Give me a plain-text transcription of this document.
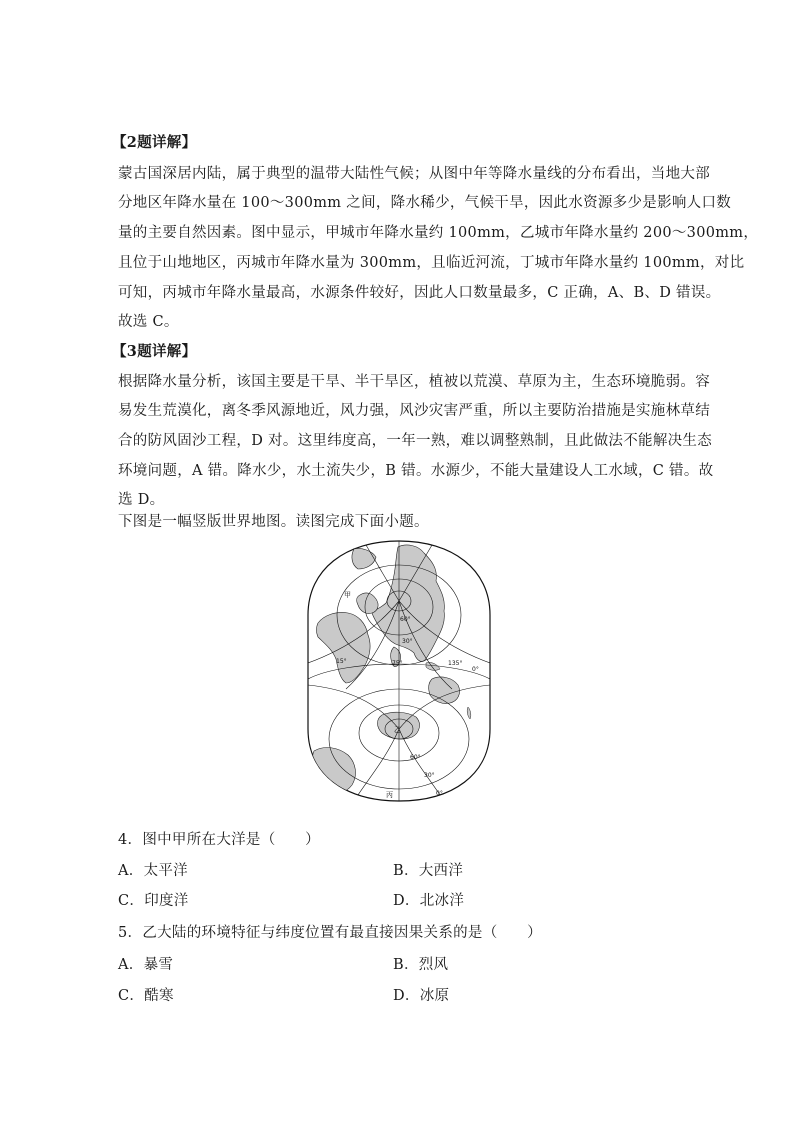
【2题详解】
蒙古国深居内陆，属于典型的温带大陆性气候；从图中年等降水量线的分布看出，当地大部
分地区年降水量在 100～300mm 之间，降水稀少，气候干旱，因此水资源多少是影响人口数
量的主要自然因素。图中显示，甲城市年降水量约 100mm，乙城市年降水量约 200～300mm，
且位于山地地区，丙城市年降水量为 300mm，且临近河流，丁城市年降水量约 100mm，对比
可知，丙城市年降水量最高，水源条件较好，因此人口数量最多，C 正确，A、B、D 错误。
故选 C。
【3题详解】
根据降水量分析，该国主要是干旱、半干旱区，植被以荒漠、草原为主，生态环境脆弱。容
易发生荒漠化，离冬季风源地近，风力强，风沙灾害严重，所以主要防治措施是实施林草结
合的防风固沙工程，D 对。这里纬度高，一年一熟，难以调整熟制，且此做法不能解决生态
环境问题，A 错。降水少，水土流失少，B 错。水源少，不能大量建设人工水域，C 错。故
选 D。
下图是一幅竖版世界地图。读图完成下面小题。
甲
乙
丙
60°
30°
15°	75°	135°
0°
60°
30°
0°
4．图中甲所在大洋是（　　）
A．太平洋	B．大西洋
C．印度洋	D．北冰洋
5．乙大陆的环境特征与纬度位置有最直接因果关系的是（　　）
A．暴雪	B．烈风
C．酷寒	D．冰原
